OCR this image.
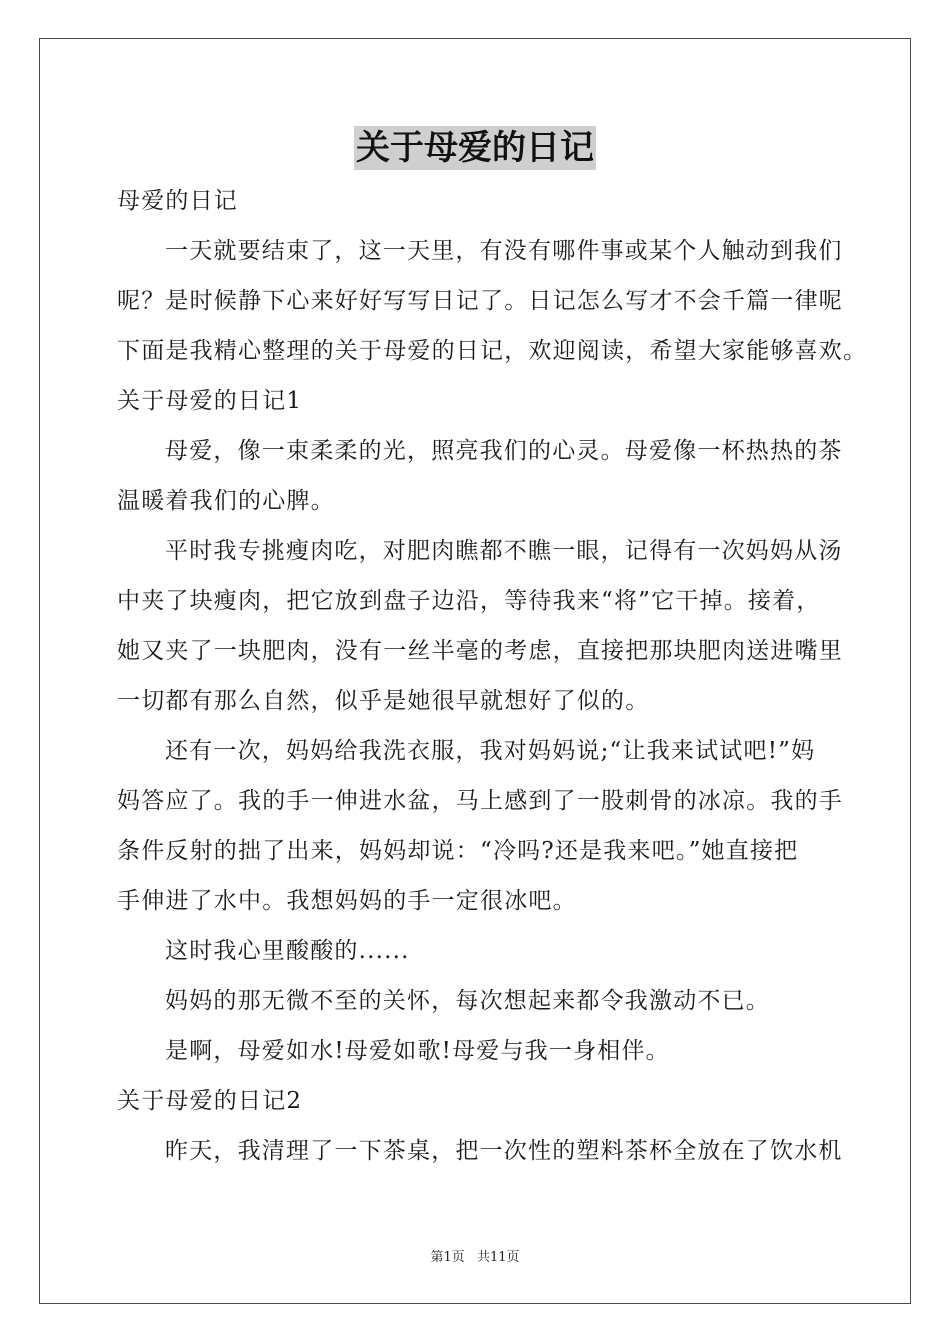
关于母爱的日记
母爱的日记
一天就要结束了，这一天里，有没有哪件事或某个人触动到我们
呢？是时候静下心来好好写写日记了。日记怎么写才不会千篇一律呢
下面是我精心整理的关于母爱的日记，欢迎阅读，希望大家能够喜欢。
关于母爱的日记1
母爱，像一束柔柔的光，照亮我们的心灵。母爱像一杯热热的茶
温暖着我们的心脾。
平时我专挑瘦肉吃，对肥肉瞧都不瞧一眼，记得有一次妈妈从汤
中夹了块瘦肉，把它放到盘子边沿，等待我来“将”它干掉。接着，
她又夹了一块肥肉，没有一丝半毫的考虑，直接把那块肥肉送进嘴里
一切都有那么自然，似乎是她很早就想好了似的。
还有一次，妈妈给我洗衣服，我对妈妈说;“让我来试试吧!”妈
妈答应了。我的手一伸进水盆，马上感到了一股刺骨的冰凉。我的手
条件反射的拙了出来，妈妈却说：“冷吗?还是我来吧。”她直接把
手伸进了水中。我想妈妈的手一定很冰吧。
这时我心里酸酸的......
妈妈的那无微不至的关怀，每次想起来都令我激动不已。
是啊，母爱如水!母爱如歌!母爱与我一身相伴。
关于母爱的日记2
昨天，我清理了一下茶桌，把一次性的塑料茶杯全放在了饮水机
第1页 共11页
